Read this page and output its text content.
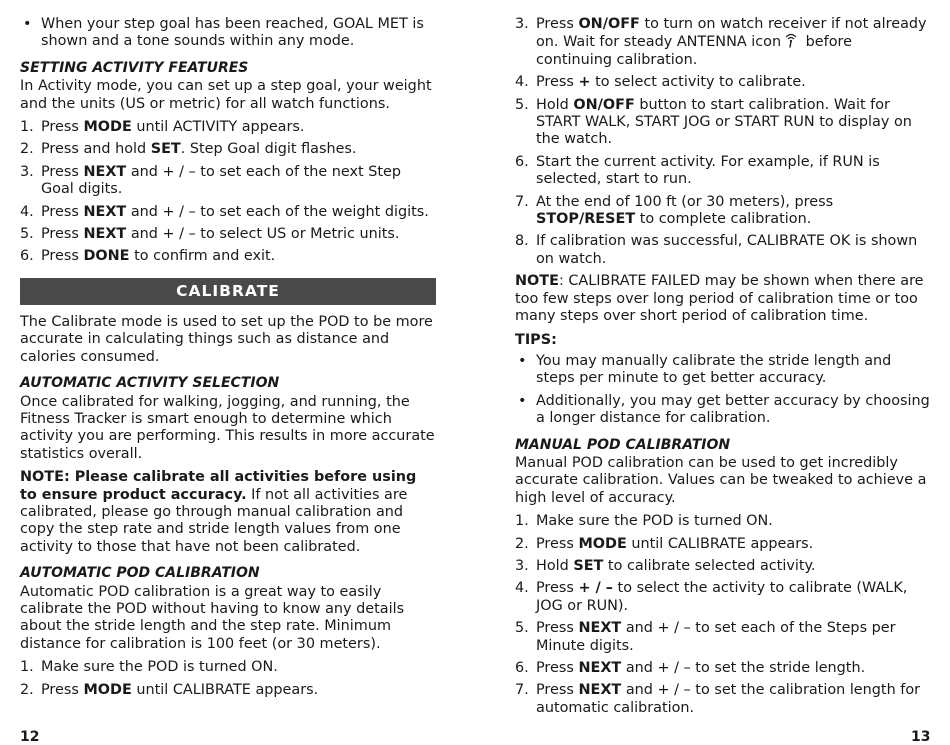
• When your step goal has been reached, GOAL MET is shown and a tone sounds within any mode.
SETTING ACTIVITY FEATURES

In Activity mode, you can set up a step goal, your weight and the units (US or metric) for all watch functions.

1. Press MODE until ACTIVITY appears.
2. Press and hold SET. Step Goal digit flashes.
3. Press NEXT and + / – to set each of the next Step Goal digits.
4. Press NEXT and + / – to set each of the weight digits.
5. Press NEXT and + / – to select US or Metric units.
6. Press DONE to confirm and exit.
CALIBRATE

The Calibrate mode is used to set up the POD to be more accurate in calculating things such as distance and calories consumed.

AUTOMATIC ACTIVITY SELECTION

Once calibrated for walking, jogging, and running, the Fitness Tracker is smart enough to determine which activity you are performing. This results in more accurate statistics overall.

NOTE: Please calibrate all activities before using to ensure product accuracy. If not all activities are calibrated, please go through manual calibration and copy the step rate and stride length values from one activity to those that have not been calibrated.

AUTOMATIC POD CALIBRATION

Automatic POD calibration is a great way to easily calibrate the POD without having to know any details about the stride length and the step rate. Minimum distance for calibration is 100 feet (or 30 meters).

1. Make sure the POD is turned ON.
2. Press MODE until CALIBRATE appears.
12
3. Press ON/OFF to turn on watch receiver if not already on. Wait for steady ANTENNA icon before continuing calibration.
4. Press + to select activity to calibrate.
5. Hold ON/OFF button to start calibration. Wait for START WALK, START JOG or START RUN to display on the watch.
6. Start the current activity. For example, if RUN is selected, start to run.
7. At the end of 100 ft (or 30 meters), press STOP/RESET to complete calibration.
8. If calibration was successful, CALIBRATE OK is shown on watch.

NOTE: CALIBRATE FAILED may be shown when there are too few steps over long period of calibration time or too many steps over short period of calibration time.

TIPS:

• You may manually calibrate the stride length and steps per minute to get better accuracy.
• Additionally, you may get better accuracy by choosing a longer distance for calibration.
MANUAL POD CALIBRATION

Manual POD calibration can be used to get incredibly accurate calibration. Values can be tweaked to achieve a high level of accuracy.

1. Make sure the POD is turned ON.
2. Press MODE until CALIBRATE appears.
3. Hold SET to calibrate selected activity.
4. Press + / – to select the activity to calibrate (WALK, JOG or RUN).
5. Press NEXT and + / – to set each of the Steps per Minute digits.
6. Press NEXT and + / – to set the stride length.
7. Press NEXT and + / – to set the calibration length for automatic calibration.
13
